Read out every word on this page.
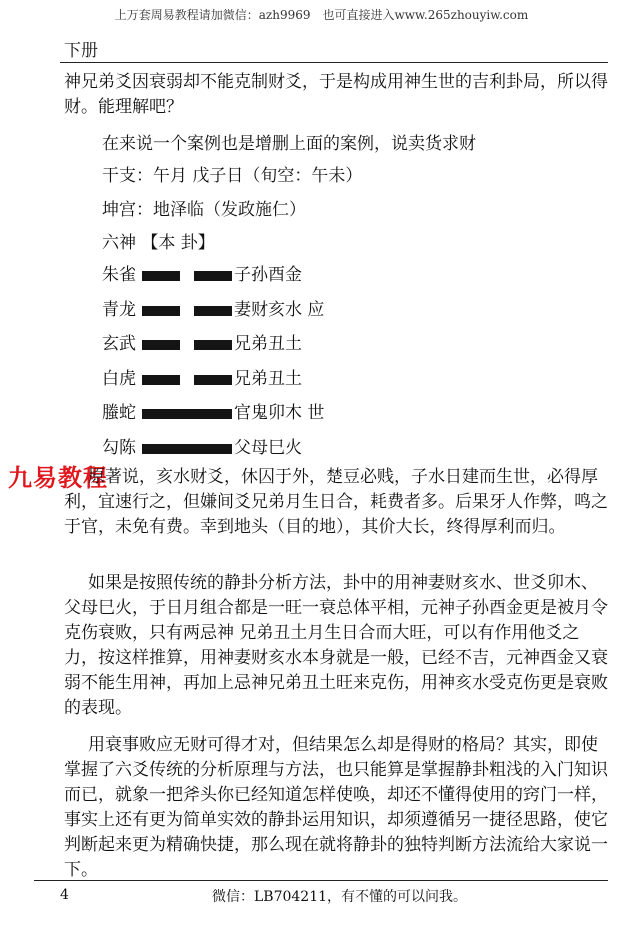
上万套周易教程请加微信：azh9969　也可直接进入www.265zhouyiw.com
下册

神兄弟爻因衰弱却不能克制财爻，于是构成用神生世的吉利卦局，所以得财。能理解吧？

在来说一个案例也是增删上面的案例，说卖货求财
干支：午月 戊子日（旬空：午未）
坤宫：地泽临（发政施仁）
六神 【本 卦】
朱雀	子孙酉金
青龙	妻财亥水 应
玄武	兄弟丑土
白虎	兄弟丑土
螣蛇	官鬼卯木 世
勾陈	父母巳火
九易教程

原著说，亥水财爻，休囚于外，楚豆必贱，子水日建而生世，必得厚利，宜速行之，但嫌间爻兄弟月生日合，耗费者多。后果牙人作弊，鸣之于官，未免有费。幸到地头（目的地），其价大长，终得厚利而归。

如果是按照传统的静卦分析方法，卦中的用神妻财亥水、世爻卯木、父母巳火，于日月组合都是一旺一衰总体平相，元神子孙酉金更是被月令克伤衰败，只有两忌神 兄弟丑土月生日合而大旺，可以有作用他爻之力，按这样推算，用神妻财亥水本身就是一般，已经不吉，元神酉金又衰弱不能生用神，再加上忌神兄弟丑土旺来克伤，用神亥水受克伤更是衰败的表现。

用衰事败应无财可得才对，但结果怎么却是得财的格局？其实，即使掌握了六爻传统的分析原理与方法，也只能算是掌握静卦粗浅的入门知识而已，就象一把斧头你已经知道怎样使唤，却还不懂得使用的窍门一样，事实上还有更为简单实效的静卦运用知识，却须遵循另一捷径思路，使它判断起来更为精确快捷，那么现在就将静卦的独特判断方法流给大家说一下。

4	微信：LB704211，有不懂的可以问我。
